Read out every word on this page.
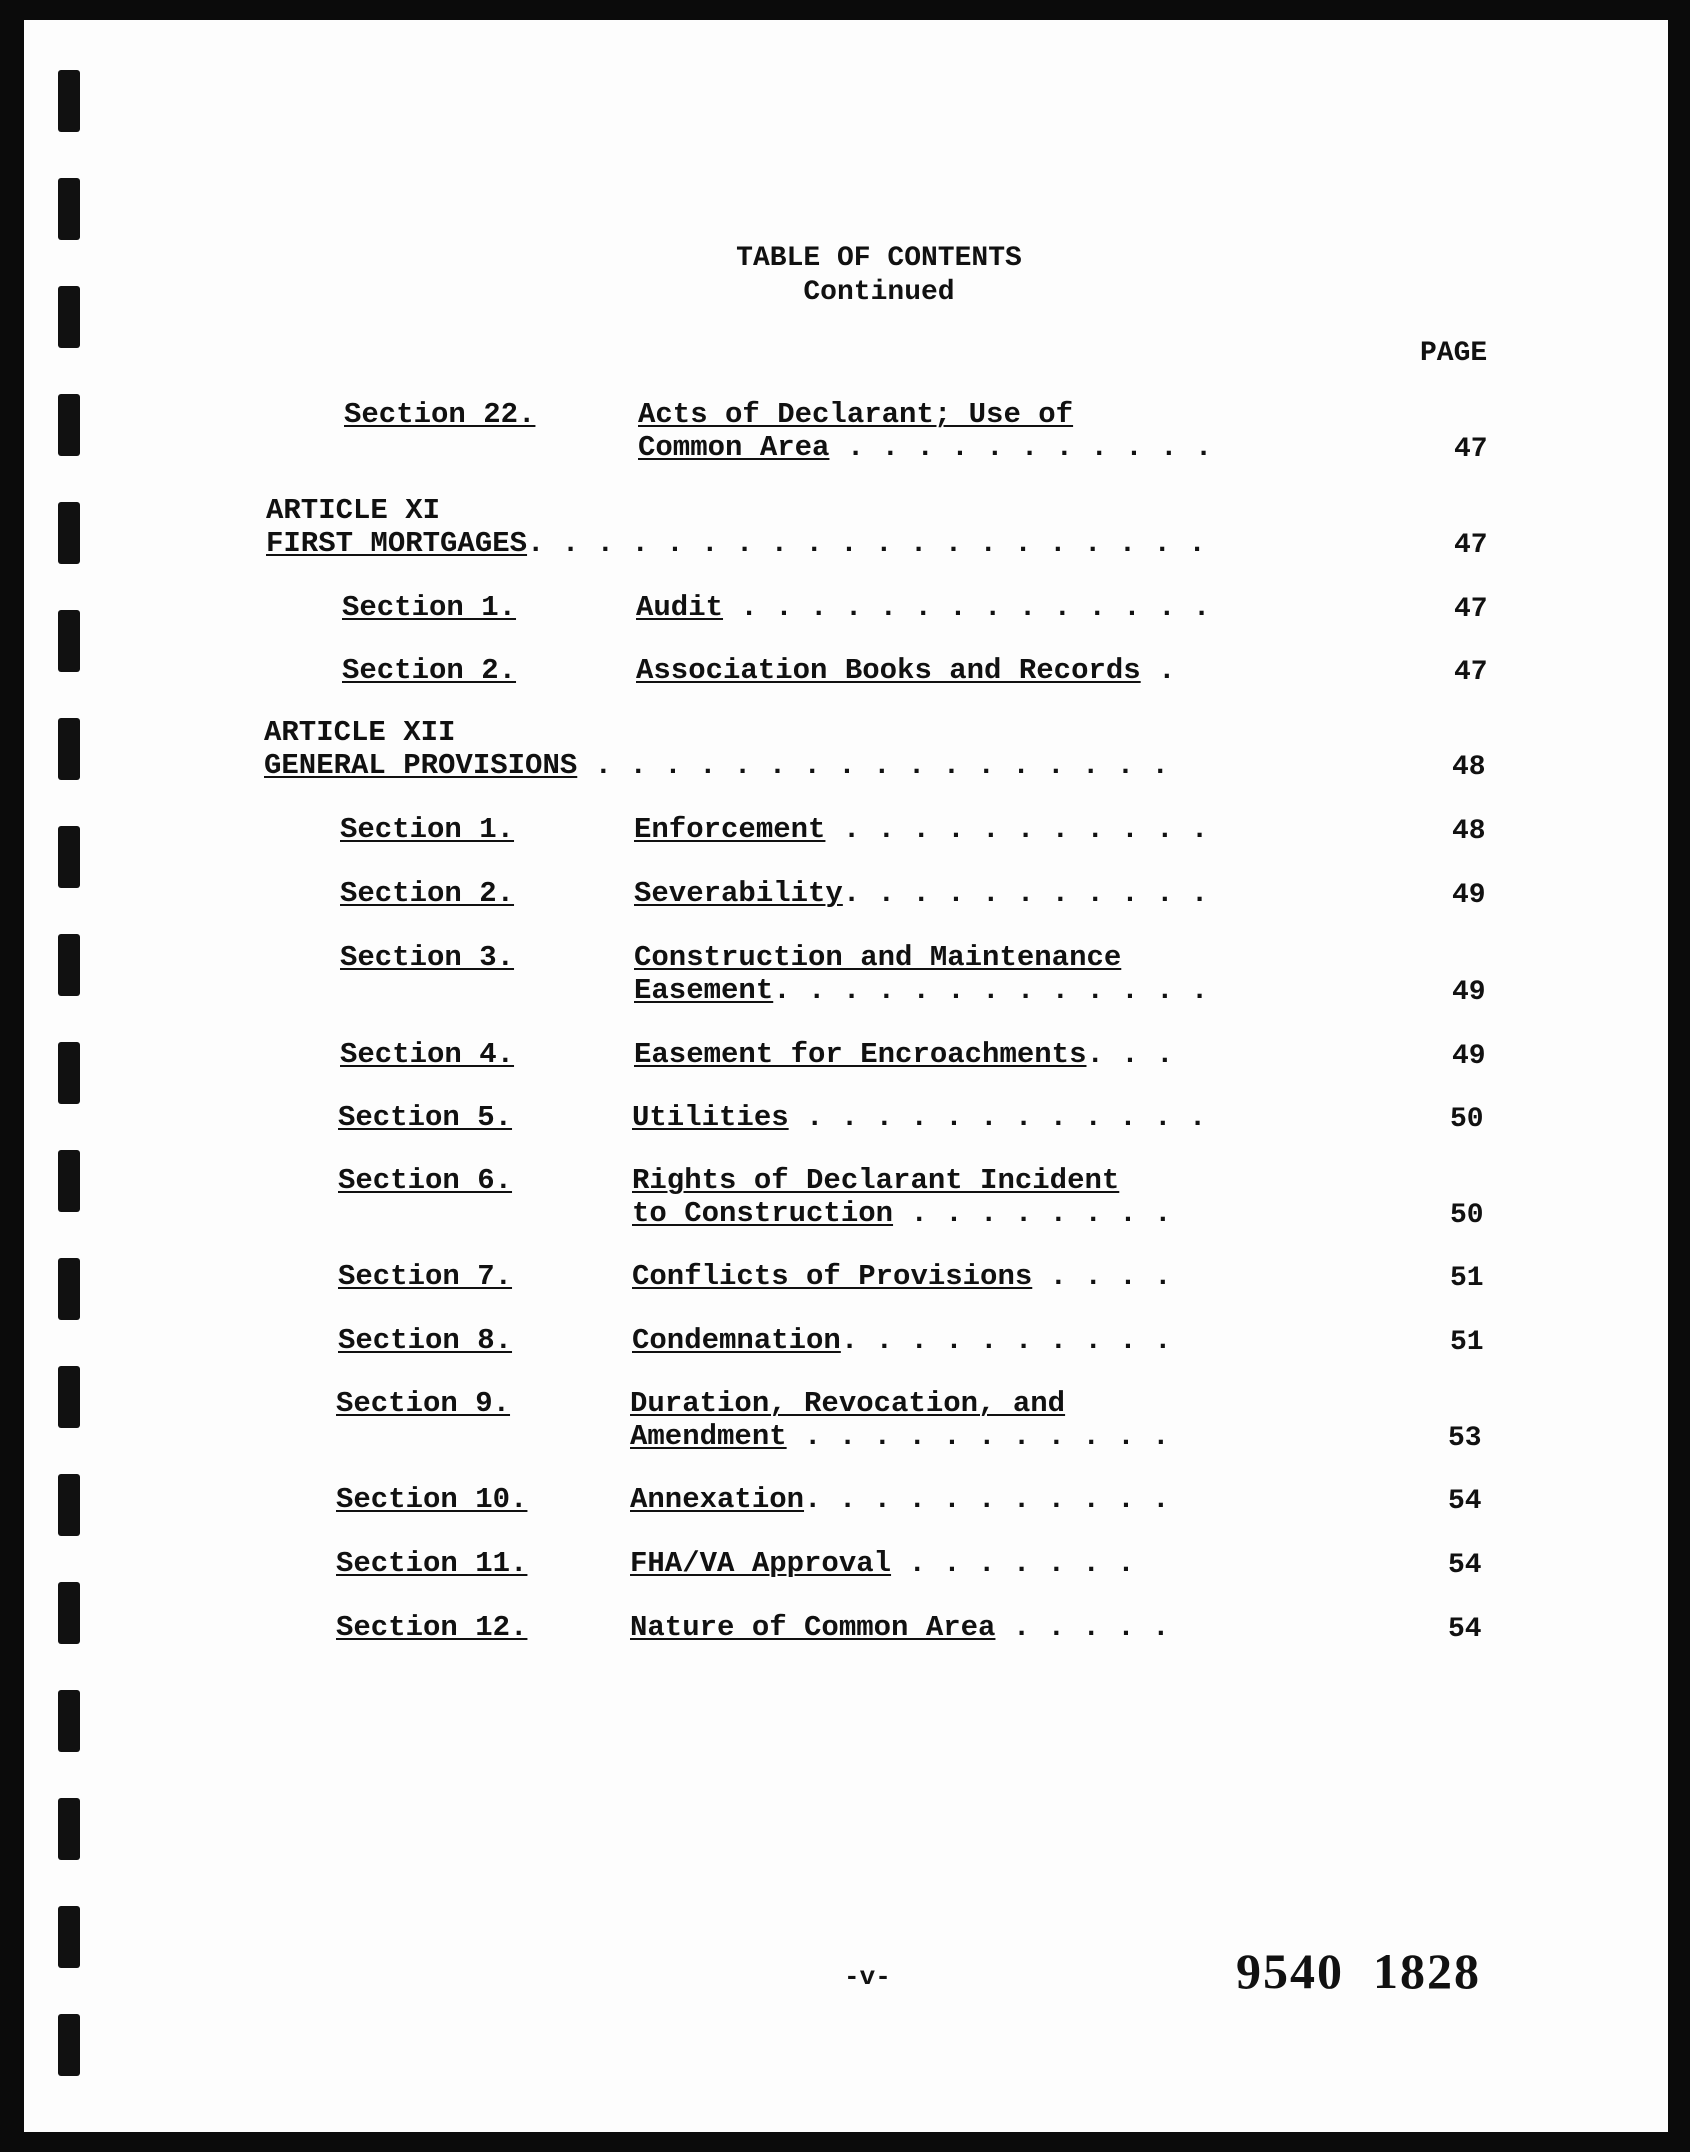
TABLE OF CONTENTS
Continued
PAGE
Section 22.	Acts of Declarant; Use of
Common Area . . . . . . . . . . .	47
ARTICLE XI
FIRST MORTGAGES. . . . . . . . . . . . . . . . . . . .	47
Section 1.	Audit . . . . . . . . . . . . . .	47
Section 2.	Association Books and Records .	47
ARTICLE XII
GENERAL PROVISIONS . . . . . . . . . . . . . . . . .	48
Section 1.	Enforcement . . . . . . . . . . .	48
Section 2.	Severability. . . . . . . . . . .	49
Section 3.	Construction and Maintenance
Easement. . . . . . . . . . . . .	49
Section 4.	Easement for Encroachments. . .	49
Section 5.	Utilities . . . . . . . . . . . .	50
Section 6.	Rights of Declarant Incident
to Construction . . . . . . . .	50
Section 7.	Conflicts of Provisions . . . .	51
Section 8.	Condemnation. . . . . . . . . .	51
Section 9.	Duration, Revocation, and
Amendment . . . . . . . . . . .	53
Section 10.	Annexation. . . . . . . . . . .	54
Section 11.	FHA/VA Approval . . . . . . .	54
Section 12.	Nature of Common Area . . . . .	54
-v-	9540 1828
